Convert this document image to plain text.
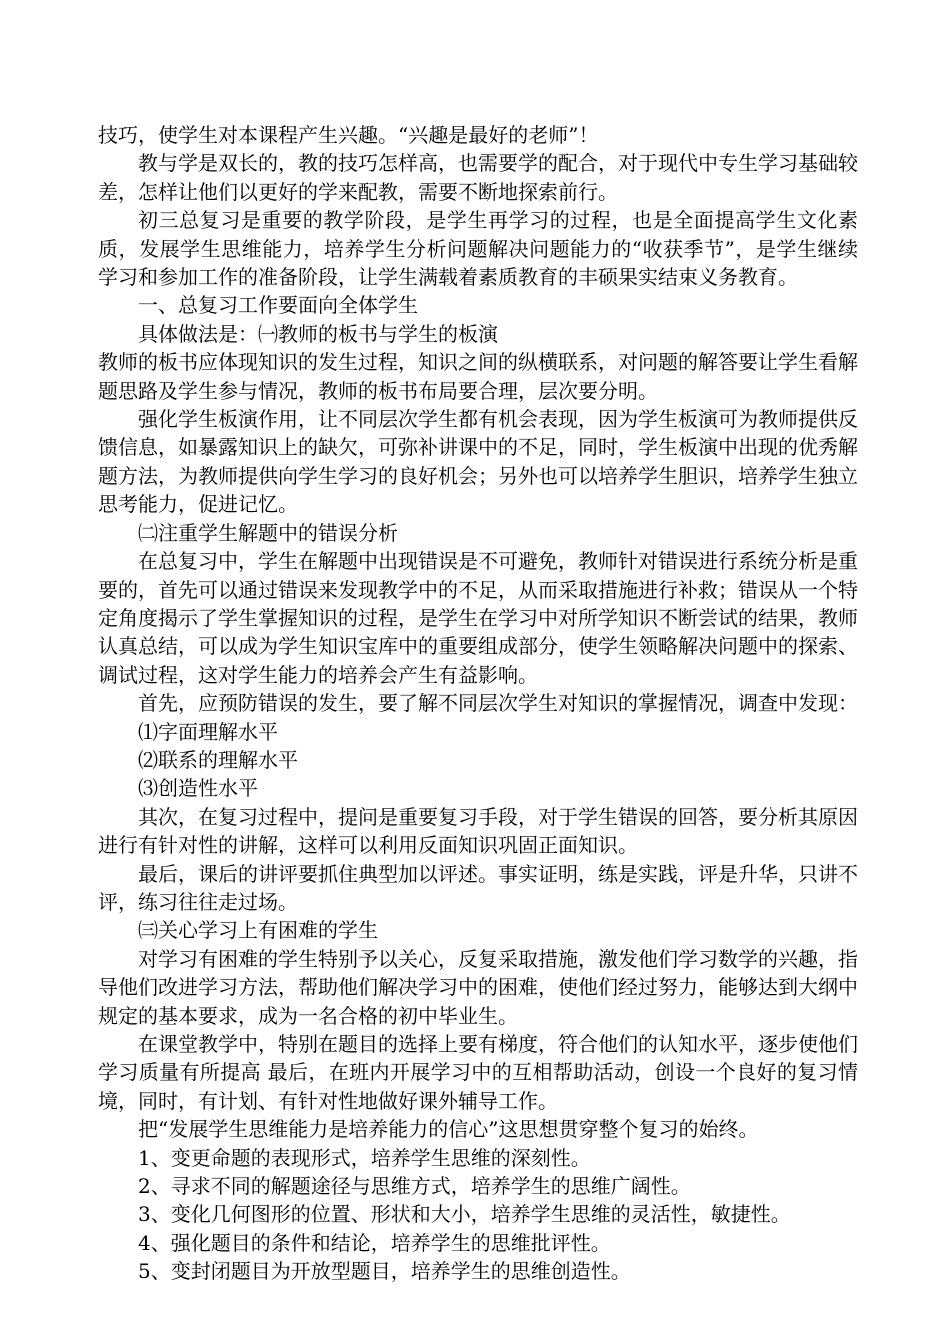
技巧，使学生对本课程产生兴趣。“兴趣是最好的老师”！

教与学是双长的，教的技巧怎样高，也需要学的配合，对于现代中专生学习基础较差，怎样让他们以更好的学来配教，需要不断地探索前行。

初三总复习是重要的教学阶段，是学生再学习的过程，也是全面提高学生文化素质，发展学生思维能力，培养学生分析问题解决问题能力的“收获季节”，是学生继续学习和参加工作的准备阶段，让学生满载着素质教育的丰硕果实结束义务教育。

一、总复习工作要面向全体学生

具体做法是：㈠教师的板书与学生的板演

教师的板书应体现知识的发生过程，知识之间的纵横联系，对问题的解答要让学生看解题思路及学生参与情况，教师的板书布局要合理，层次要分明。

强化学生板演作用，让不同层次学生都有机会表现，因为学生板演可为教师提供反馈信息，如暴露知识上的缺欠，可弥补讲课中的不足，同时，学生板演中出现的优秀解题方法，为教师提供向学生学习的良好机会；另外也可以培养学生胆识，培养学生独立思考能力，促进记忆。

㈡注重学生解题中的错误分析

在总复习中，学生在解题中出现错误是不可避免，教师针对错误进行系统分析是重要的，首先可以通过错误来发现教学中的不足，从而采取措施进行补救；错误从一个特定角度揭示了学生掌握知识的过程，是学生在学习中对所学知识不断尝试的结果，教师认真总结，可以成为学生知识宝库中的重要组成部分，使学生领略解决问题中的探索、调试过程，这对学生能力的培养会产生有益影响。

首先，应预防错误的发生，要了解不同层次学生对知识的掌握情况，调查中发现：

⑴字面理解水平

⑵联系的理解水平

⑶创造性水平

其次，在复习过程中，提问是重要复习手段，对于学生错误的回答，要分析其原因进行有针对性的讲解，这样可以利用反面知识巩固正面知识。

最后，课后的讲评要抓住典型加以评述。事实证明，练是实践，评是升华，只讲不评，练习往往走过场。

㈢关心学习上有困难的学生

对学习有困难的学生特别予以关心，反复采取措施，激发他们学习数学的兴趣，指导他们改进学习方法，帮助他们解决学习中的困难，使他们经过努力，能够达到大纲中规定的基本要求，成为一名合格的初中毕业生。

在课堂教学中，特别在题目的选择上要有梯度，符合他们的认知水平，逐步使他们学习质量有所提高 最后，在班内开展学习中的互相帮助活动，创设一个良好的复习情境，同时，有计划、有针对性地做好课外辅导工作。

把“发展学生思维能力是培养能力的信心”这思想贯穿整个复习的始终。

1、变更命题的表现形式，培养学生思维的深刻性。

2、寻求不同的解题途径与思维方式，培养学生的思维广阔性。

3、变化几何图形的位置、形状和大小，培养学生思维的灵活性，敏捷性。

4、强化题目的条件和结论，培养学生的思维批评性。

5、变封闭题目为开放型题目，培养学生的思维创造性。
